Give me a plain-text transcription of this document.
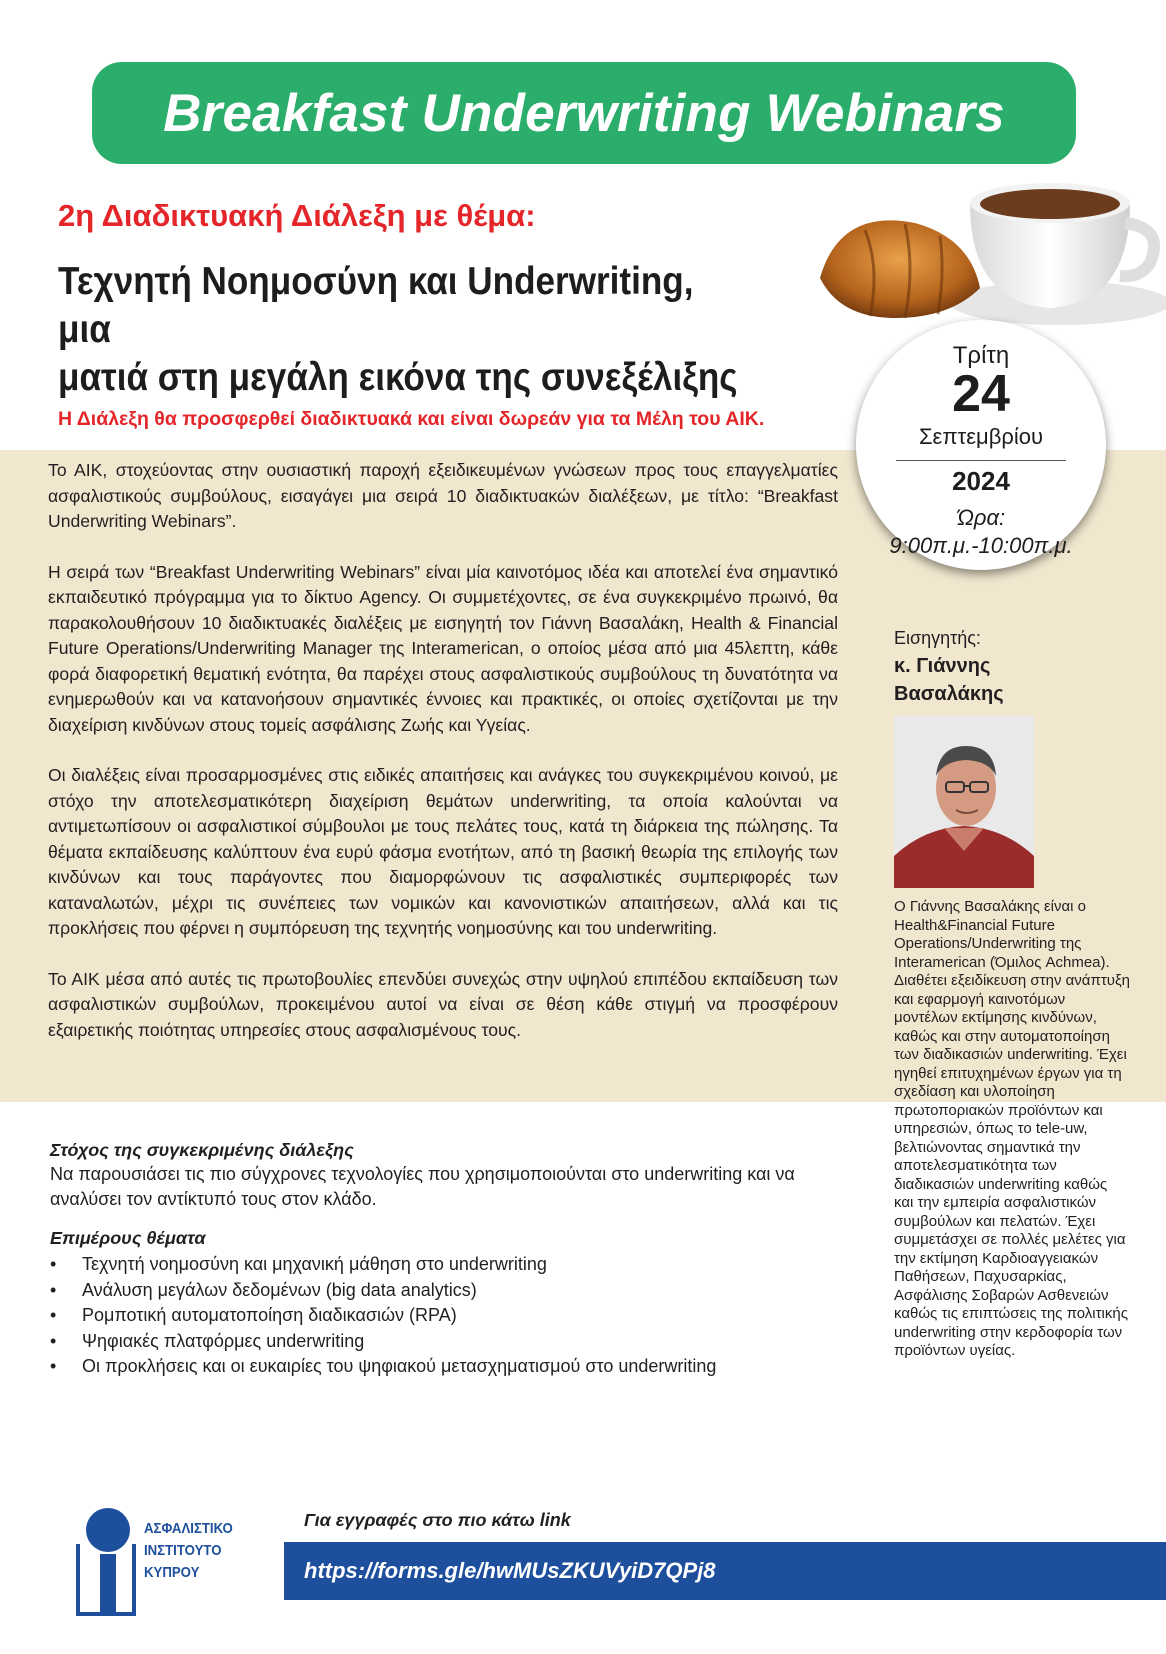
Breakfast Underwriting Webinars
2η Διαδικτυακή Διάλεξη με θέμα:
Τεχνητή Νοημοσύνη και Underwriting, μια
ματιά στη μεγάλη εικόνα της συνεξέλιξης
Η Διάλεξη θα προσφερθεί διαδικτυακά και είναι δωρεάν για τα Μέλη του ΑΙΚ.

Το ΑΙΚ, στοχεύοντας στην ουσιαστική παροχή εξειδικευμένων γνώσεων προς τους επαγγελματίες ασφαλιστικούς συμβούλους, εισαγάγει μια σειρά 10 διαδικτυακών διαλέξεων, με τίτλο: “Breakfast Underwriting Webinars”.

Η σειρά των “Breakfast Underwriting Webinars” είναι μία καινοτόμος ιδέα και αποτελεί ένα σημαντικό εκπαιδευτικό πρόγραμμα για το δίκτυο Agency. Οι συμμετέχοντες, σε ένα συγκεκριμένο πρωινό, θα παρακολουθήσουν 10 διαδικτυακές διαλέξεις με εισηγητή τον Γιάννη Βασαλάκη, Health & Financial Future Operations/Underwriting Manager της Interamerican, ο οποίος μέσα από μια 45λεπτη, κάθε φορά διαφορετική θεματική ενότητα, θα παρέχει στους ασφαλιστικούς συμβούλους τη δυνατότητα να ενημερωθούν και να κατανοήσουν σημαντικές έννοιες και πρακτικές, οι οποίες σχετίζονται με την διαχείριση κινδύνων στους τομείς ασφάλισης Ζωής και Υγείας.

Οι διαλέξεις είναι προσαρμοσμένες στις ειδικές απαιτήσεις και ανάγκες του συγκεκριμένου κοινού, με στόχο την αποτελεσματικότερη διαχείριση θεμάτων underwriting, τα οποία καλούνται να αντιμετωπίσουν οι ασφαλιστικοί σύμβουλοι με τους πελάτες τους, κατά τη διάρκεια της πώλησης. Τα θέματα εκπαίδευσης καλύπτουν ένα ευρύ φάσμα ενοτήτων, από τη βασική θεωρία της επιλογής των κινδύνων και τους παράγοντες που διαμορφώνουν τις ασφαλιστικές συμπεριφορές των καταναλωτών, μέχρι τις συνέπειες των νομικών και κανονιστικών απαιτήσεων, αλλά και τις προκλήσεις που φέρνει η συμπόρευση της τεχνητής νοημοσύνης και του underwriting.

Το ΑΙΚ μέσα από αυτές τις πρωτοβουλίες επενδύει συνεχώς στην υψηλού επιπέδου εκπαίδευση των ασφαλιστικών συμβούλων, προκειμένου αυτοί να είναι σε θέση κάθε στιγμή να προσφέρουν εξαιρετικής ποιότητας υπηρεσίες στους ασφαλισμένους τους.

Τρίτη
24
Σεπτεμβρίου
2024
Ώρα:
9:00π.μ.-10:00π.μ.
Εισηγητής:
κ. Γιάννης
Βασαλάκης
Ο Γιάννης Βασαλάκης είναι ο Health&Financial Future Operations/Underwriting της Interamerican (Όμιλος Achmea). Διαθέτει εξειδίκευση στην ανάπτυξη και εφαρμογή καινοτόμων μοντέλων εκτίμησης κινδύνων, καθώς και στην αυτοματοποίηση των διαδικασιών underwriting. Έχει ηγηθεί επιτυχημένων έργων για τη σχεδίαση και υλοποίηση πρωτοποριακών προϊόντων και υπηρεσιών, όπως το tele-uw, βελτιώνοντας σημαντικά την αποτελεσματικότητα των διαδικασιών underwriting καθώς και την εμπειρία ασφαλιστικών συμβούλων και πελατών. Έχει συμμετάσχει σε πολλές μελέτες για την εκτίμηση Καρδιοαγγειακών Παθήσεων, Παχυσαρκίας, Ασφάλισης Σοβαρών Ασθενειών καθώς τις επιπτώσεις της πολιτικής underwriting στην κερδοφορία των προϊόντων υγείας.
Στόχος της συγκεκριμένης διάλεξης
Να παρουσιάσει τις πιο σύγχρονες τεχνολογίες που χρησιμοποιούνται στο underwriting και να αναλύσει τον αντίκτυπό τους στον κλάδο.
Επιμέρους θέματα
• Τεχνητή νοημοσύνη και μηχανική μάθηση στο underwriting
• Ανάλυση μεγάλων δεδομένων (big data analytics)
• Ρομποτική αυτοματοποίηση διαδικασιών (RPA)
• Ψηφιακές πλατφόρμες underwriting
• Οι προκλήσεις και οι ευκαιρίες του ψηφιακού μετασχηματισμού στο underwriting
Για εγγραφές στο πιο κάτω link
https://forms.gle/hwMUsZKUVyiD7QPj8
ΑΣΦΑΛΙΣΤΙΚΟ
ΙΝΣΤΙΤΟΥΤΟ
ΚΥΠΡΟΥ
